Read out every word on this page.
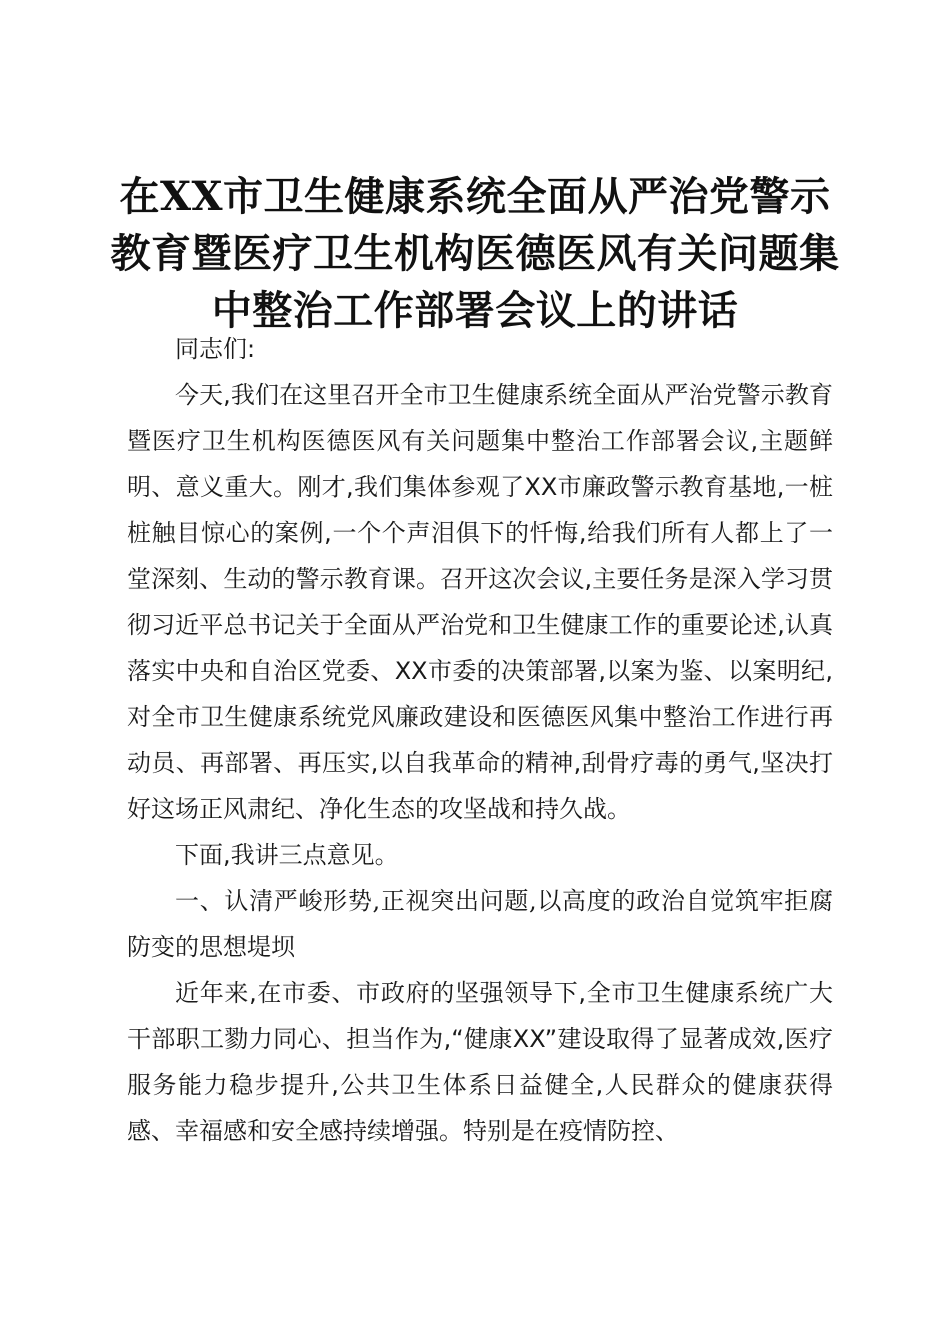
在XX市卫生健康系统全面从严治党警示教育暨医疗卫生机构医德医风有关问题集中整治工作部署会议上的讲话

同志们:

今天,我们在这里召开全市卫生健康系统全面从严治党警示教育暨医疗卫生机构医德医风有关问题集中整治工作部署会议,主题鲜明、意义重大。刚才,我们集体参观了XX市廉政警示教育基地,一桩桩触目惊心的案例,一个个声泪俱下的忏悔,给我们所有人都上了一堂深刻、生动的警示教育课。召开这次会议,主要任务是深入学习贯彻习近平总书记关于全面从严治党和卫生健康工作的重要论述,认真落实中央和自治区党委、XX市委的决策部署,以案为鉴、以案明纪,对全市卫生健康系统党风廉政建设和医德医风集中整治工作进行再动员、再部署、再压实,以自我革命的精神,刮骨疗毒的勇气,坚决打好这场正风肃纪、净化生态的攻坚战和持久战。

下面,我讲三点意见。

一、认清严峻形势,正视突出问题,以高度的政治自觉筑牢拒腐防变的思想堤坝

近年来,在市委、市政府的坚强领导下,全市卫生健康系统广大干部职工勠力同心、担当作为,“健康XX”建设取得了显著成效,医疗服务能力稳步提升,公共卫生体系日益健全,人民群众的健康获得感、幸福感和安全感持续增强。特别是在疫情防控、
